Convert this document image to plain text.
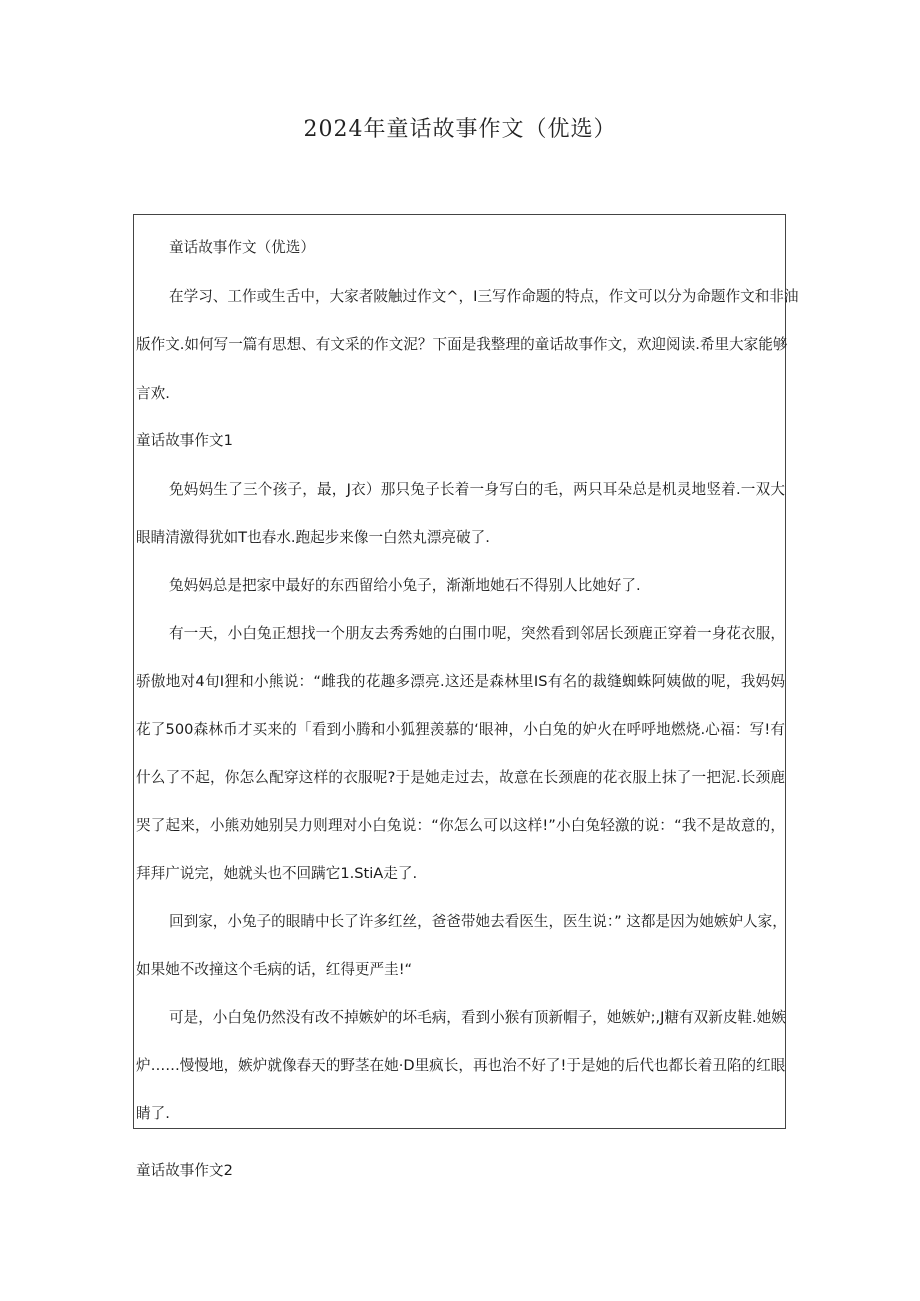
2024年童话故事作文（优选）
童话故事作文（优选）
在学习、工作或生舌中，大家者陂触过作文^，I三写作命题的特点，作文可以分为命题作文和非油
版作文.如何写一篇有思想、有文采的作文泥？下面是我整理的童话故事作文，欢迎阅读.希里大家能够
言欢.
童话故事作文1
免妈妈生了三个孩子，最，J衣）那只兔子长着一身写白的毛，两只耳朵总是机灵地竖着.一双大
眼睛清激得犹如T也春水.跑起步来像一白然丸漂亮破了.
兔妈妈总是把家中最好的东西留给小兔子，渐渐地她石不得别人比她好了.
有一天，小白兔正想找一个朋友去秀秀她的白围巾呢，突然看到邻居长颈鹿正穿着一身花衣服，
骄傲地对4旬I狸和小熊说：“雌我的花趣多漂亮.这还是森林里IS有名的裁缝蜘蛛阿姨做的呢，我妈妈
花了500森林币才买来的「看到小腾和小狐狸羡慕的‘眼神，小白兔的妒火在呼呼地燃烧.心福：写!有
什么了不起，你怎么配穿这样的衣服呢?于是她走过去，故意在长颈鹿的花衣服上抹了一把泥.长颈鹿
哭了起来，小熊劝她别吴力则理对小白兔说：“你怎么可以这样!”小白兔轻激的说：“我不是故意的，
拜拜广说完，她就头也不回蹒它1.StiA走了.
回到家，小兔子的眼睛中长了许多红丝，爸爸带她去看医生，医生说：” 这都是因为她嫉妒人家，
如果她不改撞这个毛病的话，红得更严圭!“
可是，小白兔仍然没有改不掉嫉妒的坏毛病，看到小猴有顶新帽子，她嫉妒;,J糖有双新皮鞋.她嫉
炉……慢慢地，嫉炉就像春天的野茎在她·D里疯长，再也治不好了!于是她的后代也都长着丑陷的红眼
睛了.
童话故事作文2
